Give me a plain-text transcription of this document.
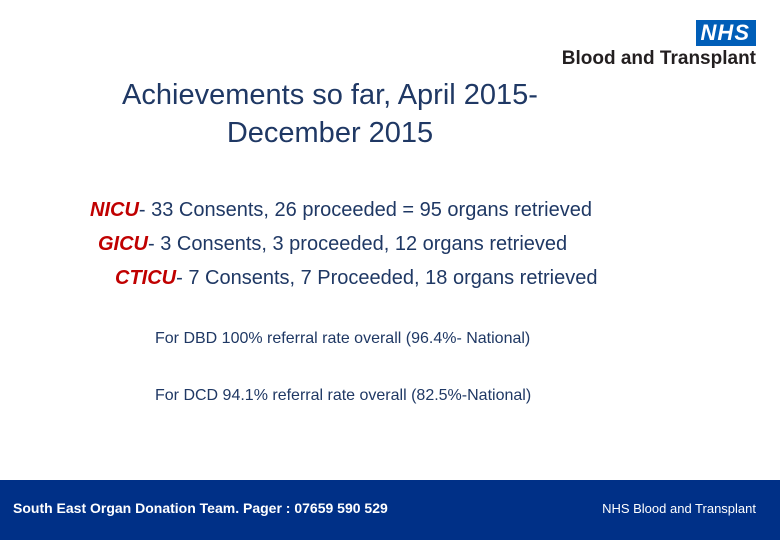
NHS
Blood and Transplant
Achievements so far, April 2015-
December 2015
NICU- 33 Consents, 26 proceeded = 95 organs retrieved
GICU- 3 Consents, 3 proceeded, 12 organs retrieved
CTICU- 7 Consents, 7 Proceeded, 18 organs retrieved
For DBD 100% referral rate overall (96.4%- National)
For DCD 94.1% referral rate overall (82.5%-National)
South East Organ Donation Team. Pager : 07659 590 529	NHS Blood and Transplant
